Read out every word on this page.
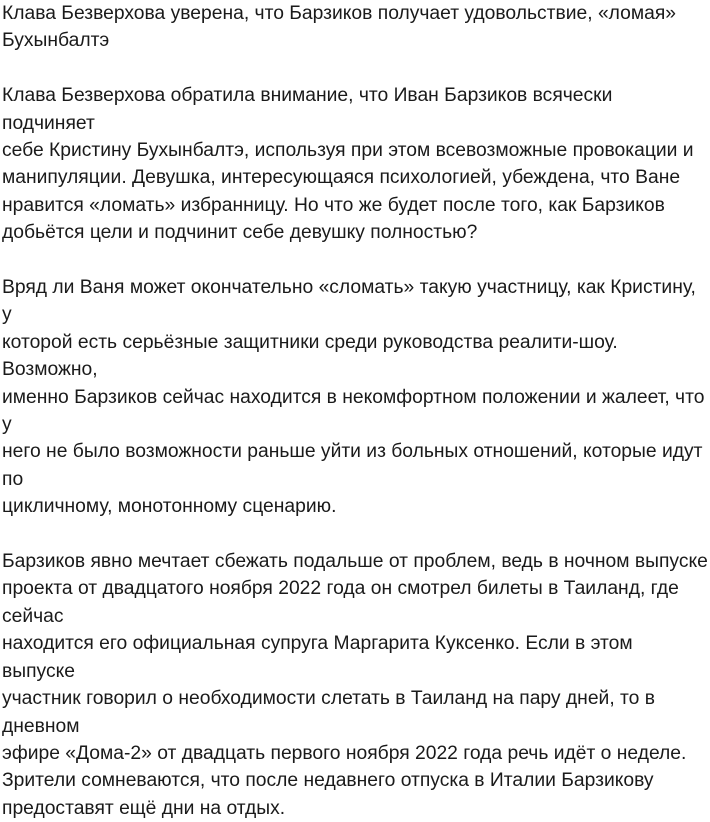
Клава Безверхова уверена, что Барзиков получает удовольствие, «ломая»
Бухынбалтэ

Клава Безверхова обратила внимание, что Иван Барзиков всячески подчиняет
себе Кристину Бухынбалтэ, используя при этом всевозможные провокации и
манипуляции. Девушка, интересующаяся психологией, убеждена, что Ване
нравится «ломать» избранницу. Но что же будет после того, как Барзиков
добьётся цели и подчинит себе девушку полностью?

Вряд ли Ваня может окончательно «сломать» такую участницу, как Кристину, у
которой есть серьёзные защитники среди руководства реалити-шоу. Возможно,
именно Барзиков сейчас находится в некомфортном положении и жалеет, что у
него не было возможности раньше уйти из больных отношений, которые идут по
цикличному, монотонному сценарию.

Барзиков явно мечтает сбежать подальше от проблем, ведь в ночном выпуске
проекта от двадцатого ноября 2022 года он смотрел билеты в Таиланд, где сейчас
находится его официальная супруга Маргарита Куксенко. Если в этом выпуске
участник говорил о необходимости слетать в Таиланд на пару дней, то в дневном
эфире «Дома-2» от двадцать первого ноября 2022 года речь идёт о неделе.
Зрители сомневаются, что после недавнего отпуска в Италии Барзикову
предоставят ещё дни на отдых.
